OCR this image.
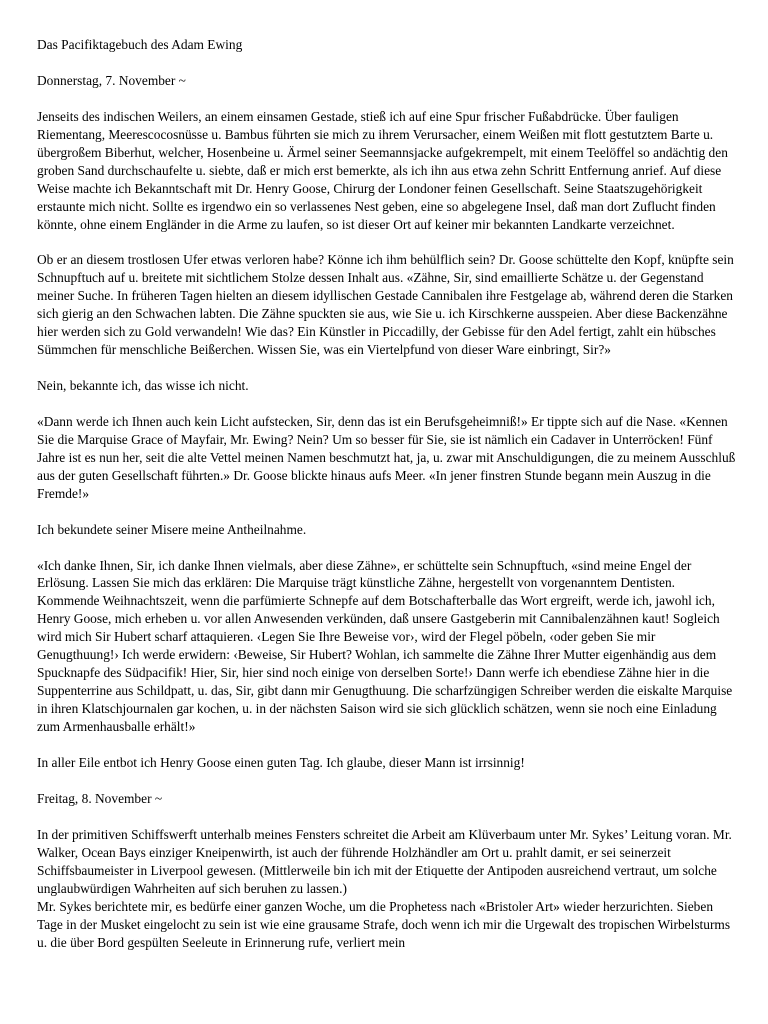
Das Pacifiktagebuch des Adam Ewing

Donnerstag, 7. November ~

Jenseits des indischen Weilers, an einem einsamen Gestade, stieß ich auf eine Spur frischer Fußabdrücke. Über fauligen Riementang, Meerescocosnüsse u. Bambus führten sie mich zu ihrem Verursacher, einem Weißen mit flott gestutztem Barte u. übergroßem Biberhut, welcher, Hosenbeine u. Ärmel seiner Seemannsjacke aufgekrempelt, mit einem Teelöffel so andächtig den groben Sand durchschaufelte u. siebte, daß er mich erst bemerkte, als ich ihn aus etwa zehn Schritt Entfernung anrief. Auf diese Weise machte ich Bekanntschaft mit Dr. Henry Goose, Chirurg der Londoner feinen Gesellschaft. Seine Staatszugehörigkeit erstaunte mich nicht. Sollte es irgendwo ein so verlassenes Nest geben, eine so abgelegene Insel, daß man dort Zuflucht finden könnte, ohne einem Engländer in die Arme zu laufen, so ist dieser Ort auf keiner mir bekannten Landkarte verzeichnet.

Ob er an diesem trostlosen Ufer etwas verloren habe? Könne ich ihm behülflich sein? Dr. Goose schüttelte den Kopf, knüpfte sein Schnupftuch auf u. breitete mit sichtlichem Stolze dessen Inhalt aus. «Zähne, Sir, sind emaillierte Schätze u. der Gegenstand meiner Suche. In früheren Tagen hielten an diesem idyllischen Gestade Cannibalen ihre Festgelage ab, während deren die Starken sich gierig an den Schwachen labten. Die Zähne spuckten sie aus, wie Sie u. ich Kirschkerne ausspeien. Aber diese Backenzähne hier werden sich zu Gold verwandeln! Wie das? Ein Künstler in Piccadilly, der Gebisse für den Adel fertigt, zahlt ein hübsches Sümmchen für menschliche Beißerchen. Wissen Sie, was ein Viertelpfund von dieser Ware einbringt, Sir?»

Nein, bekannte ich, das wisse ich nicht.

«Dann werde ich Ihnen auch kein Licht aufstecken, Sir, denn das ist ein Berufsgeheimniß!» Er tippte sich auf die Nase. «Kennen Sie die Marquise Grace of Mayfair, Mr. Ewing? Nein? Um so besser für Sie, sie ist nämlich ein Cadaver in Unterröcken! Fünf Jahre ist es nun her, seit die alte Vettel meinen Namen beschmutzt hat, ja, u. zwar mit Anschuldigungen, die zu meinem Ausschluß aus der guten Gesellschaft führten.» Dr. Goose blickte hinaus aufs Meer. «In jener finstren Stunde begann mein Auszug in die Fremde!»

Ich bekundete seiner Misere meine Antheilnahme.

«Ich danke Ihnen, Sir, ich danke Ihnen vielmals, aber diese Zähne», er schüttelte sein Schnupftuch, «sind meine Engel der Erlösung. Lassen Sie mich das erklären: Die Marquise trägt künstliche Zähne, hergestellt von vorgenanntem Dentisten. Kommende Weihnachtszeit, wenn die parfümierte Schnepfe auf dem Botschafterballe das Wort ergreift, werde ich, jawohl ich, Henry Goose, mich erheben u. vor allen Anwesenden verkünden, daß unsere Gastgeberin mit Cannibalenzähnen kaut! Sogleich wird mich Sir Hubert scharf attaquieren. ‹Legen Sie Ihre Beweise vor›, wird der Flegel pöbeln, ‹oder geben Sie mir Genugthuung!› Ich werde erwidern: ‹Beweise, Sir Hubert? Wohlan, ich sammelte die Zähne Ihrer Mutter eigenhändig aus dem Spucknapfe des Südpacifik! Hier, Sir, hier sind noch einige von derselben Sorte!› Dann werfe ich ebendiese Zähne hier in die Suppenterrine aus Schildpatt, u. das, Sir, gibt dann mir Genugthuung. Die scharfzüngigen Schreiber werden die eiskalte Marquise in ihren Klatschjournalen gar kochen, u. in der nächsten Saison wird sie sich glücklich schätzen, wenn sie noch eine Einladung zum Armenhausballe erhält!»

In aller Eile entbot ich Henry Goose einen guten Tag. Ich glaube, dieser Mann ist irrsinnig!

Freitag, 8. November ~

In der primitiven Schiffswerft unterhalb meines Fensters schreitet die Arbeit am Klüverbaum unter Mr. Sykes’ Leitung voran. Mr. Walker, Ocean Bays einziger Kneipenwirth, ist auch der führende Holzhändler am Ort u. prahlt damit, er sei seinerzeit Schiffsbaumeister in Liverpool gewesen. (Mittlerweile bin ich mit der Etiquette der Antipoden ausreichend vertraut, um solche unglaubwürdigen Wahrheiten auf sich beruhen zu lassen.)

Mr. Sykes berichtete mir, es bedürfe einer ganzen Woche, um die Prophetess nach «Bristoler Art» wieder herzurichten. Sieben Tage in der Musket eingelocht zu sein ist wie eine grausame Strafe, doch wenn ich mir die Urgewalt des tropischen Wirbelsturms u. die über Bord gespülten Seeleute in Erinnerung rufe, verliert mein
